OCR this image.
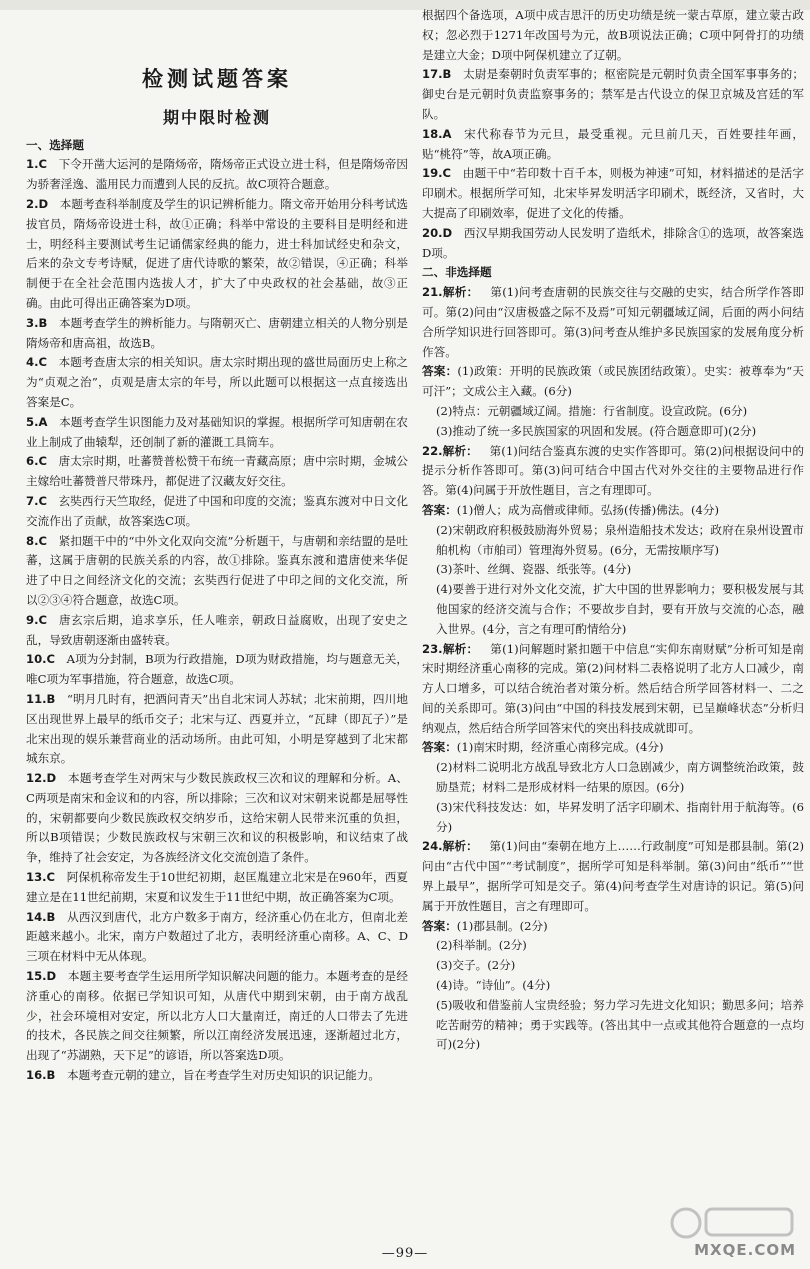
检测试题答案
期中限时检测

一、选择题

1.C 下令开凿大运河的是隋炀帝，隋炀帝正式设立进士科，但是隋炀帝因为骄奢淫逸、滥用民力而遭到人民的反抗。故C项符合题意。

2.D 本题考查科举制度及学生的识记辨析能力。隋文帝开始用分科考试选拔官员，隋炀帝设进士科，故①正确；科举中常设的主要科目是明经和进士，明经科主要测试考生记诵儒家经典的能力，进士科加试经史和杂文，后来的杂文专考诗赋，促进了唐代诗歌的繁荣，故②错误，④正确；科举制便于在全社会范围内选拔人才，扩大了中央政权的社会基础，故③正确。由此可得出正确答案为D项。

3.B 本题考查学生的辨析能力。与隋朝灭亡、唐朝建立相关的人物分别是隋炀帝和唐高祖，故选B。

4.C 本题考查唐太宗的相关知识。唐太宗时期出现的盛世局面历史上称之为“贞观之治”，贞观是唐太宗的年号，所以此题可以根据这一点直接选出答案是C。

5.A 本题考查学生识图能力及对基础知识的掌握。根据所学可知唐朝在农业上制成了曲辕犁，还创制了新的灌溉工具筒车。

6.C 唐太宗时期，吐蕃赞普松赞干布统一青藏高原；唐中宗时期，金城公主嫁给吐蕃赞普尺带珠丹，都促进了汉藏友好交往。

7.C 玄奘西行天竺取经，促进了中国和印度的交流；鉴真东渡对中日文化交流作出了贡献，故答案选C项。

8.C 紧扣题干中的“中外文化双向交流”分析题干，与唐朝和亲结盟的是吐蕃，这属于唐朝的民族关系的内容，故①排除。鉴真东渡和遣唐使来华促进了中日之间经济文化的交流；玄奘西行促进了中印之间的文化交流，所以②③④符合题意，故选C项。

9.C 唐玄宗后期，追求享乐，任人唯亲，朝政日益腐败，出现了安史之乱，导致唐朝逐渐由盛转衰。

10.C A项为分封制，B项为行政措施，D项为财政措施，均与题意无关，唯C项为军事措施，符合题意，故选C项。

11.B “明月几时有，把酒问青天”出自北宋词人苏轼；北宋前期，四川地区出现世界上最早的纸币交子；北宋与辽、西夏并立，“瓦肆（即瓦子）”是北宋出现的娱乐兼营商业的活动场所。由此可知，小明是穿越到了北宋都城东京。

12.D 本题考查学生对两宋与少数民族政权三次和议的理解和分析。A、C两项是南宋和金议和的内容，所以排除；三次和议对宋朝来说都是屈辱性的，宋朝都要向少数民族政权交纳岁币，这给宋朝人民带来沉重的负担，所以B项错误；少数民族政权与宋朝三次和议的积极影响，和议结束了战争，维持了社会安定，为各族经济文化交流创造了条件。

13.C 阿保机称帝发生于10世纪初期，赵匡胤建立北宋是在960年，西夏建立是在11世纪前期，宋夏和议发生于11世纪中期，故正确答案为C项。

14.B 从西汉到唐代，北方户数多于南方，经济重心仍在北方，但南北差距越来越小。北宋，南方户数超过了北方，表明经济重心南移。A、C、D三项在材料中无从体现。

15.D 本题主要考查学生运用所学知识解决问题的能力。本题考查的是经济重心的南移。依据已学知识可知，从唐代中期到宋朝，由于南方战乱少，社会环境相对安定，所以北方人口大量南迁，南迁的人口带去了先进的技术，各民族之间交往频繁，所以江南经济发展迅速，逐渐超过北方，出现了“苏湖熟，天下足”的谚语，所以答案选D项。

16.B 本题考查元朝的建立，旨在考查学生对历史知识的识记能力。

根据四个备选项，A项中成吉思汗的历史功绩是统一蒙古草原，建立蒙古政权；忽必烈于1271年改国号为元，故B项说法正确；C项中阿骨打的功绩是建立大金；D项中阿保机建立了辽朝。

17.B 太尉是秦朝时负责军事的；枢密院是元朝时负责全国军事事务的；御史台是元朝时负责监察事务的；禁军是古代设立的保卫京城及宫廷的军队。

18.A 宋代称春节为元旦，最受重视。元旦前几天，百姓要挂年画，贴“桃符”等，故A项正确。

19.C 由题干中“若印数十百千本，则极为神速”可知，材料描述的是活字印刷术。根据所学可知，北宋毕昇发明活字印刷术，既经济，又省时，大大提高了印刷效率，促进了文化的传播。

20.D 西汉早期我国劳动人民发明了造纸术，排除含①的选项，故答案选D项。

二、非选择题

21.解析： 第(1)问考查唐朝的民族交往与交融的史实，结合所学作答即可。第(2)问由“汉唐极盛之际不及焉”可知元朝疆域辽阔，后面的两小问结合所学知识进行回答即可。第(3)问考查从维护多民族国家的发展角度分析作答。

答案：(1)政策：开明的民族政策（或民族团结政策）。史实：被尊奉为“天可汗”；文成公主入藏。(6分)

(2)特点：元朝疆域辽阔。措施：行省制度。设宣政院。(6分)

(3)推动了统一多民族国家的巩固和发展。(符合题意即可)(2分)

22.解析： 第(1)问结合鉴真东渡的史实作答即可。第(2)问根据设问中的提示分析作答即可。第(3)问可结合中国古代对外交往的主要物品进行作答。第(4)问属于开放性题目，言之有理即可。

答案：(1)僧人；成为高僧或律师。弘扬(传播)佛法。(4分)

(2)宋朝政府积极鼓励海外贸易；泉州造船技术发达；政府在泉州设置市舶机构（市舶司）管理海外贸易。(6分，无需按顺序写)

(3)茶叶、丝绸、瓷器、纸张等。(4分)

(4)要善于进行对外文化交流，扩大中国的世界影响力；要积极发展与其他国家的经济交流与合作；不要故步自封，要有开放与交流的心态，融入世界。(4分，言之有理可酌情给分)

23.解析： 第(1)问解题时紧扣题干中信息“实仰东南财赋”分析可知是南宋时期经济重心南移的完成。第(2)问材料二表格说明了北方人口减少，南方人口增多，可以结合统治者对策分析。然后结合所学回答材料一、二之间的关系即可。第(3)问由“中国的科技发展到宋朝，已呈巅峰状态”分析归纳观点，然后结合所学回答宋代的突出科技成就即可。

答案：(1)南宋时期，经济重心南移完成。(4分)

(2)材料二说明北方战乱导致北方人口急剧减少，南方调整统治政策，鼓励垦荒；材料二是形成材料一结果的原因。(6分)

(3)宋代科技发达：如，毕昇发明了活字印刷术、指南针用于航海等。(6分)

24.解析： 第(1)问由“秦朝在地方上……行政制度”可知是郡县制。第(2)问由“古代中国”“考试制度”，据所学可知是科举制。第(3)问由“纸币”“世界上最早”，据所学可知是交子。第(4)问考查学生对唐诗的识记。第(5)问属于开放性题目，言之有理即可。

答案：(1)郡县制。(2分)

(2)科举制。(2分)

(3)交子。(2分)

(4)诗。“诗仙”。(4分)

(5)吸收和借鉴前人宝贵经验；努力学习先进文化知识；勤思多问；培养吃苦耐劳的精神；勇于实践等。(答出其中一点或其他符合题意的一点均可)(2分)

—99—	MXQE.COM
